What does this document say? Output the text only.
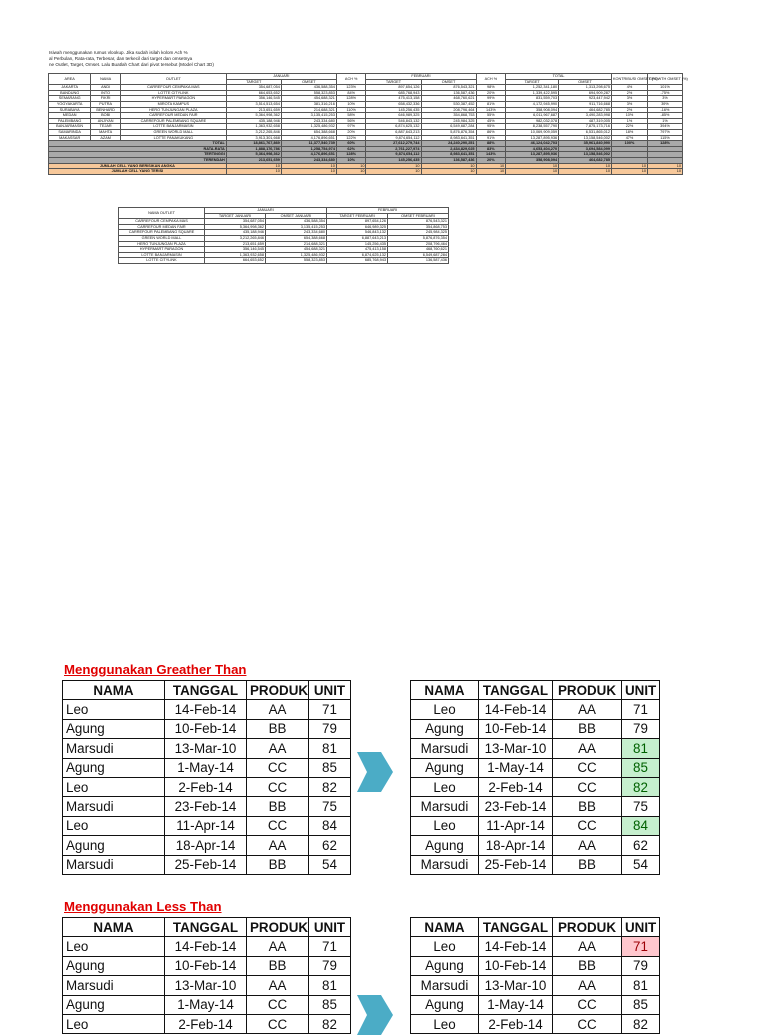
Isiwah menggunakan rumus vlookup. Jika sudah isilah kolom Ach %
al Perbulan, Rata-rata, Terbesar, dan terkecil dari target dan omsetnya
ne Outlet, Target, Omset. Lalu Buatlah Chart dari pivot tersebut (Model Chart 3D)
AREA	NAMA	OUTLET	JANUARI		ACH %	FEBRUARI		ACH %	TOTAL		KONTRIBUSI OMSET (%)	GROWTH OMSET (%)
			TARGET	OMSET		TARGET	OMSET		TARGET	OMSET		
JAKARTA	ANDI	CARREFOUR CEMPAKA MAS	354,687,054	436,588,354	123%	897,654,126	876,543,321	98%	1,252,341,180	1,313,298,675	4%	101%
BANDUNG	INTO	LOTTE CITYLINK	664,653,652	558,323,853	84%	685,768,943	136,587,436	20%	1,339,422,595	694,909,287	2%	-75%
SEMARANG	FIKRI	HYPERMART PARAGON	356,146,545	454,688,321	128%	475,413,158	468,760,621	99%	831,559,703	923,447,942	3%	3%
YOGYAKARTA	PUTRA	MIROTA KAMPUS	3,514,513,654	381,316,216	10%	658,432,336	530,387,452	81%	4,172,945,990	911,716,668	3%	39%
SURABAYA	BENHARD	HERO TUNJUNGAN PLAZA	213,651,659	214,688,321	110%	145,256,435	208,796,464	143%	358,908,094	464,682,785	2%	-16%
MEDAN	BOBI	CARREFOUR MEDAN FAIR	5,364,998,362	3,135,415,253	58%	646,989,325	354,868,753	55%	6,011,967,687	3,490,283,998	10%	-85%
PALEMBANG	ANJIYAN	CARREFOUR PALEMBANG SQUARE	435,188,946	243,334,680	56%	546,843,132	245,984,325	45%	982,032,078	487,319,005	1%	1%
BANJARMASIN	TEJAR	LOTTE BANJARMASIN	1,363,932,658	1,325,486,932	97%	6,874,625,132	6,549,687,284	95%	8,238,557,790	7,875,173,716	22%	394%
SAMARINDA	MAHTA	GREEN WORLD MALL	3,212,265,846	654,388,668	20%	6,887,643,213	5,876,876,354	86%	10,069,909,059	6,531,865,012	18%	797%
MAKASSAR	AZAM	LOTTE PANAKUKANG	3,913,301,668	4,176,896,651	122%	9,874,654,112	8,983,641,351	91%	13,287,895,936	13,158,546,002	47%	115%
TOTAL			18,861,767,869	11,377,540,739	60%	27,612,279,744	24,240,290,251	88%	46,124,042,703	35,961,840,990	100%	128%
RATA-RATA			1,888,176,786	1,258,754,974	62%	2,761,227,974	2,434,829,025	83%	4,653,404,270	3,694,584,099		
TERTINGGI			5,364,998,362	4,176,896,651	128%	9,874,654,112	8,983,641,351	143%	13,287,895,936	13,158,546,002		
TERENDAH			213,651,659	243,334,680	10%	145,256,435	136,587,436	20%	358,908,094	464,682,785		
JUMLAH CELL YANG BERISIKAN ANGKA			10	10	10	10	10	10	10	10	10	10
JUMLAH CELL YANG TERISI			10	10	10	10	10	10	10	10	10	10
NAMA OUTLET	JANUARI		FEBRUARI	
	TARGET JANUARI	OMSET JANUARI	TARGET FEBRUARI	OMSET FEBRUARI
CARREFOUR CEMPAKA MAS	354,687,054	436,588,354	897,654,126	876,543,321
CARREFOUR MEDAN FAIR	5,364,998,362	3,135,415,253	646,989,325	354,868,753
CARREFOUR PALEMBANG SQUARE	435,188,946	243,334,680	546,843,132	245,984,325
GREEN WORLD MALL	3,212,265,846	654,388,668	6,887,643,213	5,876,876,354
HERO TUNJUNGAN PLAZA	213,651,659	214,688,321	145,256,435	208,796,464
HYPERMART PARAGON	356,146,545	454,688,321	475,413,158	468,760,621
LOTTE BANJARMASIN	1,363,932,658	1,325,486,932	6,874,625,132	6,549,687,284
LOTTE CITYLINK	664,653,652	558,323,853	685,768,943	136,587,436
Menggunakan Greather Than
NAMA	TANGGAL	PRODUK	UNIT
Leo	14-Feb-14	AA	71
Agung	10-Feb-14	BB	79
Marsudi	13-Mar-10	AA	81
Agung	1-May-14	CC	85
Leo	2-Feb-14	CC	82
Marsudi	23-Feb-14	BB	75
Leo	11-Apr-14	CC	84
Agung	18-Apr-14	AA	62
Marsudi	25-Feb-14	BB	54
NAMA	TANGGAL	PRODUK	UNIT
Leo	14-Feb-14	AA	71
Agung	10-Feb-14	BB	79
Marsudi	13-Mar-10	AA	81
Agung	1-May-14	CC	85
Leo	2-Feb-14	CC	82
Marsudi	23-Feb-14	BB	75
Leo	11-Apr-14	CC	84
Agung	18-Apr-14	AA	62
Marsudi	25-Feb-14	BB	54
Menggunakan Less Than
NAMA	TANGGAL	PRODUK	UNIT
Leo	14-Feb-14	AA	71
Agung	10-Feb-14	BB	79
Marsudi	13-Mar-10	AA	81
Agung	1-May-14	CC	85
Leo	2-Feb-14	CC	82
NAMA	TANGGAL	PRODUK	UNIT
Leo	14-Feb-14	AA	71
Agung	10-Feb-14	BB	79
Marsudi	13-Mar-10	AA	81
Agung	1-May-14	CC	85
Leo	2-Feb-14	CC	82
